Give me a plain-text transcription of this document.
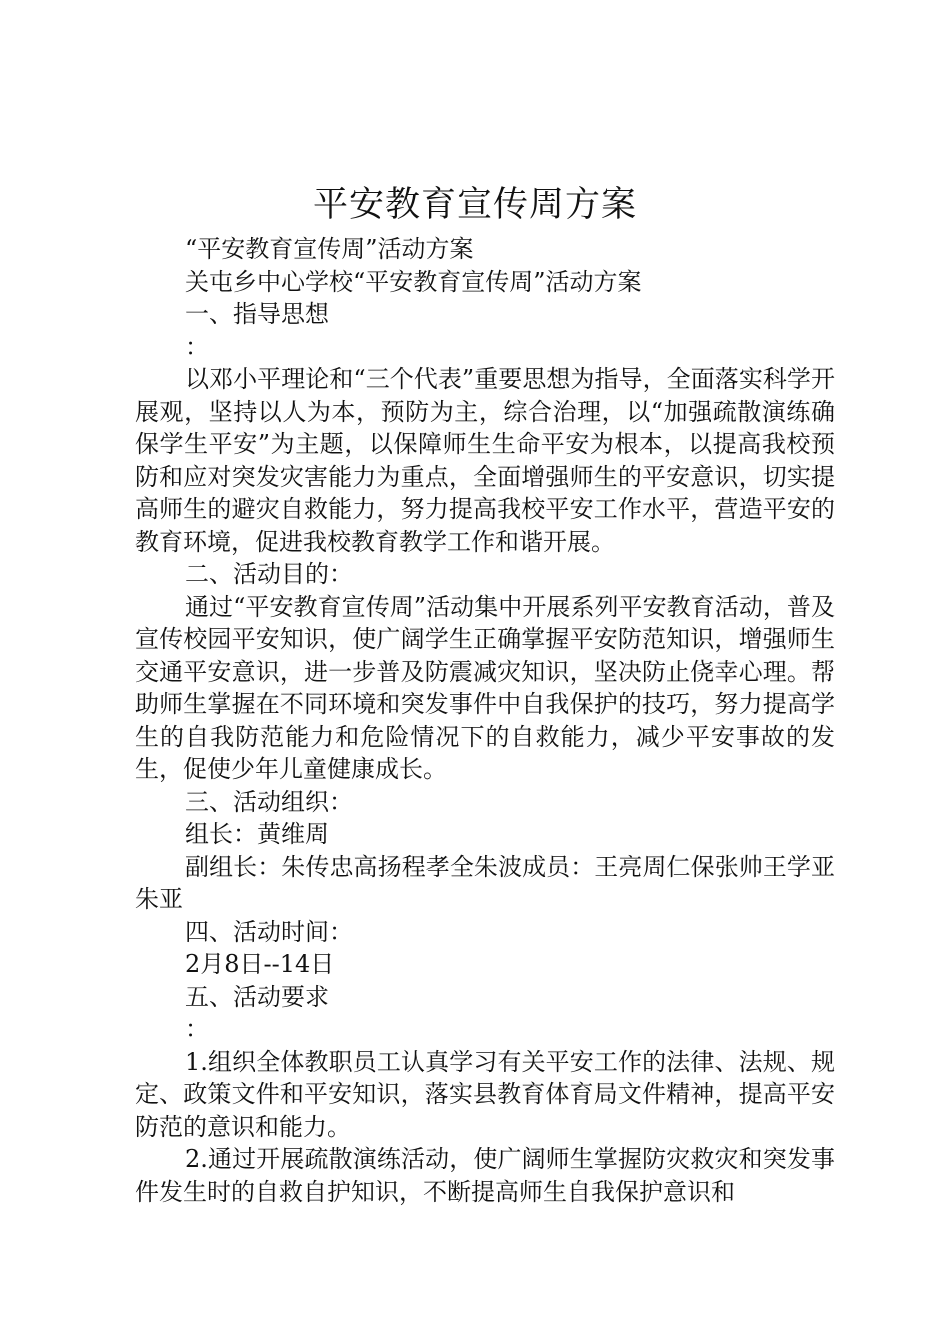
平安教育宣传周方案

“平安教育宣传周”活动方案

关屯乡中心学校“平安教育宣传周”活动方案

一、指导思想

：

以邓小平理论和“三个代表”重要思想为指导，全面落实科学开展观，坚持以人为本，预防为主，综合治理，以“加强疏散演练确保学生平安”为主题，以保障师生生命平安为根本，以提高我校预防和应对突发灾害能力为重点，全面增强师生的平安意识，切实提高师生的避灾自救能力，努力提高我校平安工作水平，营造平安的教育环境，促进我校教育教学工作和谐开展。

二、活动目的：

通过“平安教育宣传周”活动集中开展系列平安教育活动，普及宣传校园平安知识，使广阔学生正确掌握平安防范知识，增强师生交通平安意识，进一步普及防震减灾知识，坚决防止侥幸心理。帮助师生掌握在不同环境和突发事件中自我保护的技巧，努力提高学生的自我防范能力和危险情况下的自救能力，减少平安事故的发生，促使少年儿童健康成长。

三、活动组织：

组长：黄维周

副组长：朱传忠高扬程孝全朱波成员：王亮周仁保张帅王学亚朱亚

四、活动时间：

2月8日--14日

五、活动要求

：

1.组织全体教职员工认真学习有关平安工作的法律、法规、规定、政策文件和平安知识，落实县教育体育局文件精神，提高平安防范的意识和能力。

2.通过开展疏散演练活动，使广阔师生掌握防灾救灾和突发事件发生时的自救自护知识，不断提高师生自我保护意识和
